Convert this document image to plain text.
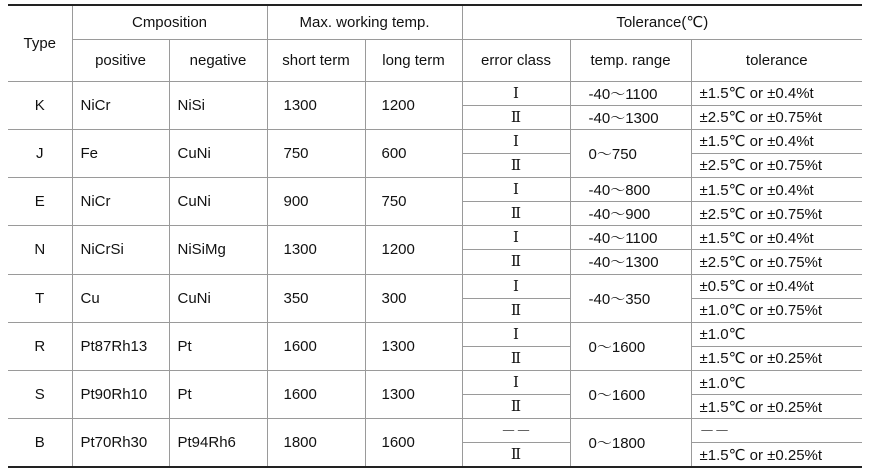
Type	Cmposition		Max. working temp.		Tolerance(℃)		
	positive	negative	short term	long term	error class	temp. range	tolerance
K	NiCr	NiSi	1300	1200	Ⅰ	-40～1100	±1.5℃ or ±0.4%t
					Ⅱ	-40～1300	±2.5℃ or ±0.75%t
J	Fe	CuNi	750	600	Ⅰ	0～750	±1.5℃ or ±0.4%t
					Ⅱ		±2.5℃ or ±0.75%t
E	NiCr	CuNi	900	750	Ⅰ	-40～800	±1.5℃ or ±0.4%t
					Ⅱ	-40～900	±2.5℃ or ±0.75%t
N	NiCrSi	NiSiMg	1300	1200	Ⅰ	-40～1100	±1.5℃ or ±0.4%t
					Ⅱ	-40～1300	±2.5℃ or ±0.75%t
T	Cu	CuNi	350	300	Ⅰ	-40～350	±0.5℃ or ±0.4%t
					Ⅱ		±1.0℃ or ±0.75%t
R	Pt87Rh13	Pt	1600	1300	Ⅰ	0～1600	±1.0℃
					Ⅱ		±1.5℃ or ±0.25%t
S	Pt90Rh10	Pt	1600	1300	Ⅰ	0～1600	±1.0℃
					Ⅱ		±1.5℃ or ±0.25%t
B	Pt70Rh30	Pt94Rh6	1800	1600	－－	0～1800	－－
					Ⅱ		±1.5℃ or ±0.25%t
